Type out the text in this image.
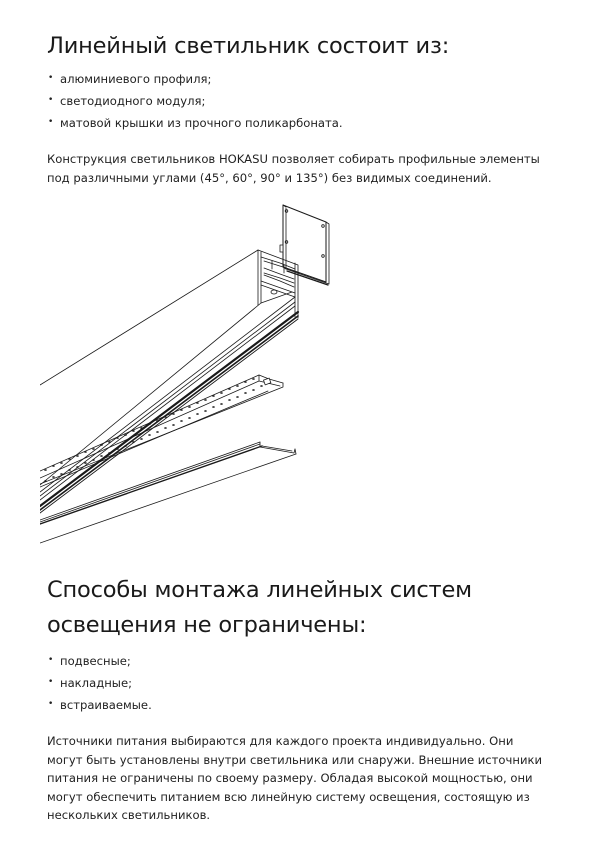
Линейный светильник состоит из:
• алюминиевого профиля;
• светодиодного модуля;
• матовой крышки из прочного поликарбоната.

Конструкция светильников HOKASU позволяет собирать профильные элементы
под различными углами (45°, 60°, 90° и 135°) без видимых соединений.

Способы монтажа линейных систем
освещения не ограничены:
• подвесные;
• накладные;
• встраиваемые.

Источники питания выбираются для каждого проекта индивидуально. Они
могут быть установлены внутри светильника или снаружи. Внешние источники
питания не ограничены по своему размеру. Обладая высокой мощностью, они
могут обеспечить питанием всю линейную систему освещения, состоящую из
нескольких светильников.
